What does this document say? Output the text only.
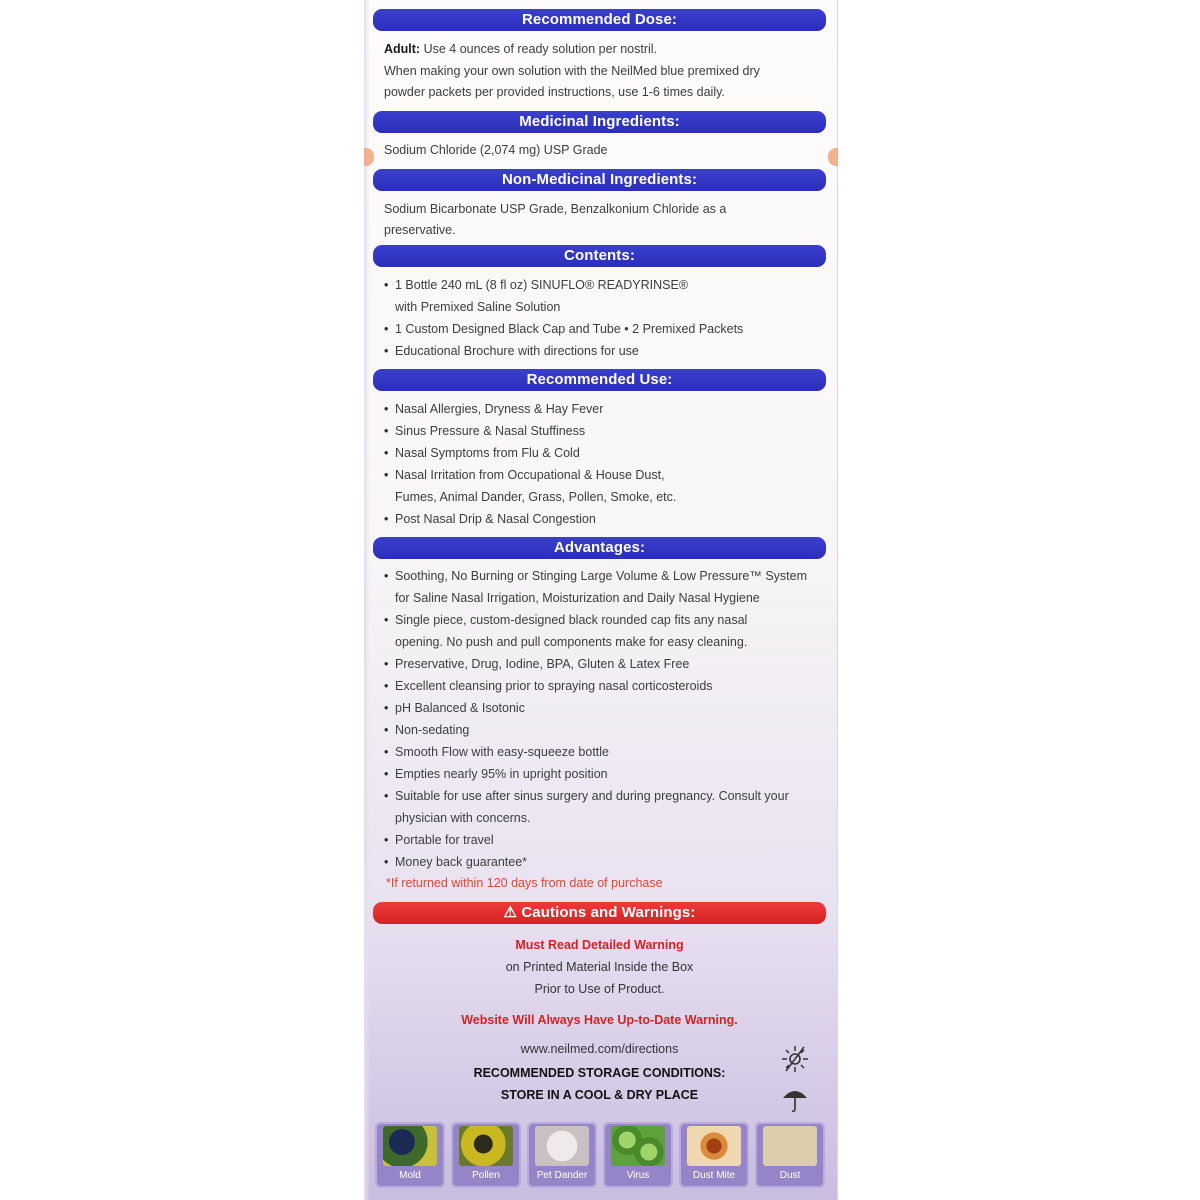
Recommended Dose:
Adult: Use 4 ounces of ready solution per nostril.
When making your own solution with the NeilMed blue premixed dry
powder packets per provided instructions, use 1-6 times daily.
Medicinal Ingredients:
Sodium Chloride (2,074 mg) USP Grade
Non-Medicinal Ingredients:
Sodium Bicarbonate USP Grade, Benzalkonium Chloride as a
preservative.
Contents:
• 1 Bottle 240 mL (8 fl oz) SINUFLO® READYRINSE®
with Premixed Saline Solution
• 1 Custom Designed Black Cap and Tube • 2 Premixed Packets
• Educational Brochure with directions for use
Recommended Use:
• Nasal Allergies, Dryness & Hay Fever
• Sinus Pressure & Nasal Stuffiness
• Nasal Symptoms from Flu & Cold
• Nasal Irritation from Occupational & House Dust,
Fumes, Animal Dander, Grass, Pollen, Smoke, etc.
• Post Nasal Drip & Nasal Congestion
Advantages:
• Soothing, No Burning or Stinging Large Volume & Low Pressure™ System
for Saline Nasal Irrigation, Moisturization and Daily Nasal Hygiene
• Single piece, custom-designed black rounded cap fits any nasal
opening. No push and pull components make for easy cleaning.
• Preservative, Drug, Iodine, BPA, Gluten & Latex Free
• Excellent cleansing prior to spraying nasal corticosteroids
• pH Balanced & Isotonic
• Non-sedating
• Smooth Flow with easy-squeeze bottle
• Empties nearly 95% in upright position
• Suitable for use after sinus surgery and during pregnancy. Consult your
physician with concerns.
• Portable for travel
• Money back guarantee*
*If returned within 120 days from date of purchase
⚠ Cautions and Warnings:
Must Read Detailed Warning
on Printed Material Inside the Box
Prior to Use of Product.
Website Will Always Have Up-to-Date Warning.
www.neilmed.com/directions
RECOMMENDED STORAGE CONDITIONS:
STORE IN A COOL & DRY PLACE
Mold	Pollen	Pet Dander	Virus	Dust Mite	Dust
